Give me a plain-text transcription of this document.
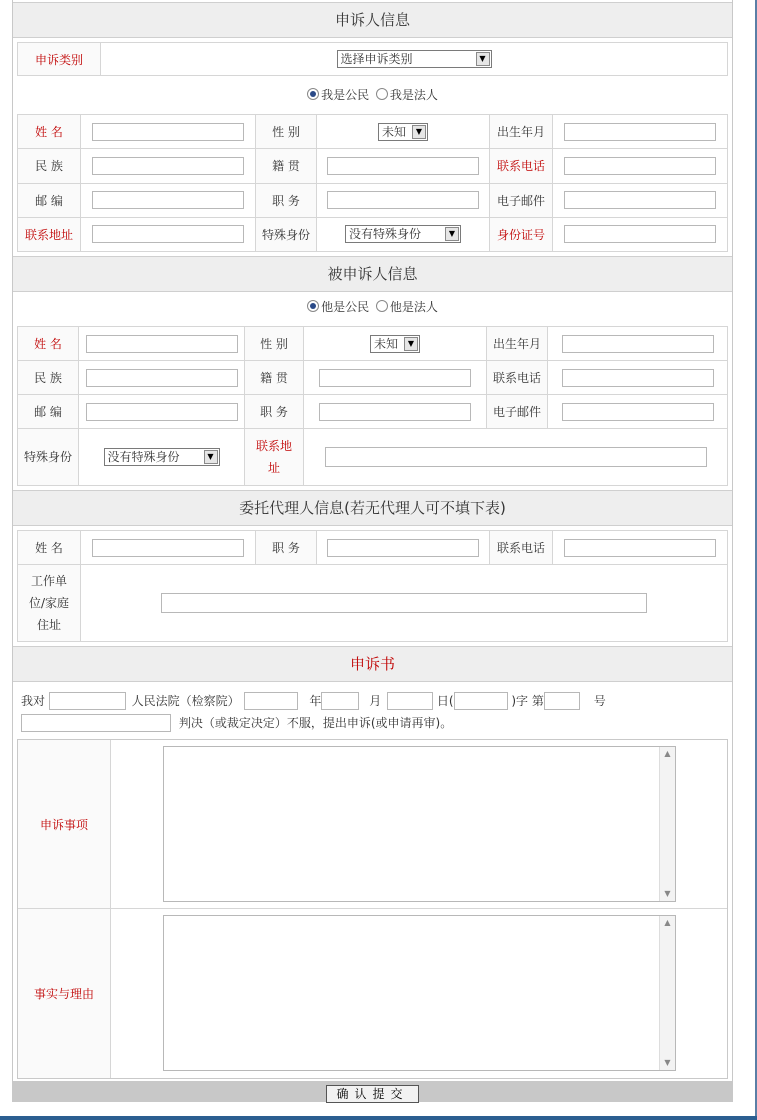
申诉人信息
申诉类别	选择申诉类别	▼
我是公民 我是法人
姓 名		性 别	未知 ▼	出生年月	
民 族		籍 贯		联系电话	
邮 编		职 务		电子邮件	
联系地址		特殊身份	没有特殊身份 ▼	身份证号	
被申诉人信息
他是公民 他是法人
姓 名		性 别	未知 ▼	出生年月	
民 族		籍 贯		联系电话	
邮 编		职 务		电子邮件	
特殊身份	没有特殊身份 ▼	联系地址	
委托代理人信息(若无代理人可不填下表)
姓 名		职 务		联系电话	
工作单位/家庭住址	
申诉书
我对	人民法院（检察院）	年	月	日(	)字 第	号
判决（或裁定决定）不服，提出申诉(或申请再审)。
申诉事项
▲
▼
事实与理由
▲
▼
确认提交
